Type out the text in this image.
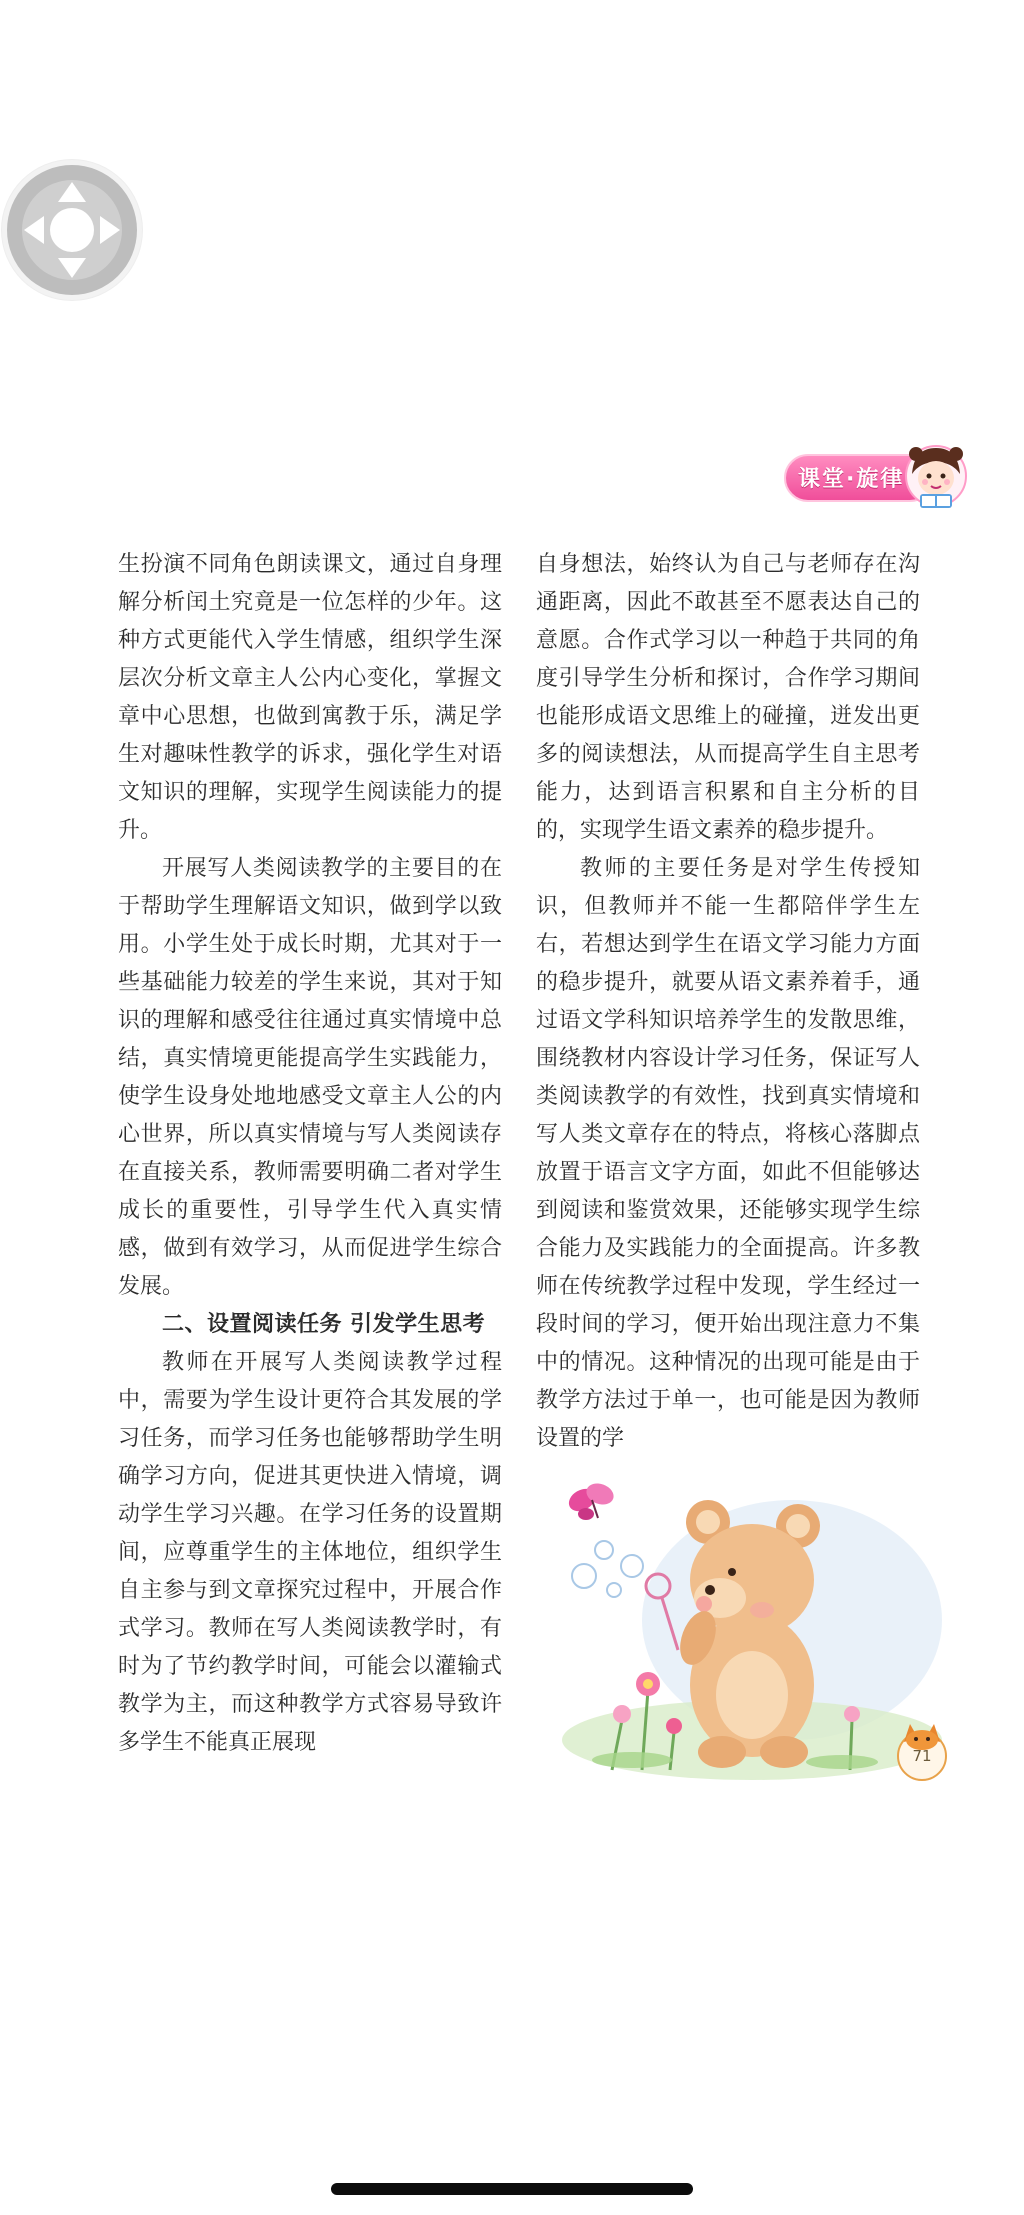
课堂·旋律

生扮演不同角色朗读课文，通过自身理解分析闰土究竟是一位怎样的少年。这种方式更能代入学生情感，组织学生深层次分析文章主人公内心变化，掌握文章中心思想，也做到寓教于乐，满足学生对趣味性教学的诉求，强化学生对语文知识的理解，实现学生阅读能力的提升。

开展写人类阅读教学的主要目的在于帮助学生理解语文知识，做到学以致用。小学生处于成长时期，尤其对于一些基础能力较差的学生来说，其对于知识的理解和感受往往通过真实情境中总结，真实情境更能提高学生实践能力，使学生设身处地地感受文章主人公的内心世界，所以真实情境与写人类阅读存在直接关系，教师需要明确二者对学生成长的重要性，引导学生代入真实情感，做到有效学习，从而促进学生综合发展。

二、设置阅读任务 引发学生思考

教师在开展写人类阅读教学过程中，需要为学生设计更符合其发展的学习任务，而学习任务也能够帮助学生明确学习方向，促进其更快进入情境，调动学生学习兴趣。在学习任务的设置期间，应尊重学生的主体地位，组织学生自主参与到文章探究过程中，开展合作式学习。教师在写人类阅读教学时，有时为了节约教学时间，可能会以灌输式教学为主，而这种教学方式容易导致许多学生不能真正展现

自身想法，始终认为自己与老师存在沟通距离，因此不敢甚至不愿表达自己的意愿。合作式学习以一种趋于共同的角度引导学生分析和探讨，合作学习期间也能形成语文思维上的碰撞，迸发出更多的阅读想法，从而提高学生自主思考能力，达到语言积累和自主分析的目的，实现学生语文素养的稳步提升。

教师的主要任务是对学生传授知识，但教师并不能一生都陪伴学生左右，若想达到学生在语文学习能力方面的稳步提升，就要从语文素养着手，通过语文学科知识培养学生的发散思维，围绕教材内容设计学习任务，保证写人类阅读教学的有效性，找到真实情境和写人类文章存在的特点，将核心落脚点放置于语言文字方面，如此不但能够达到阅读和鉴赏效果，还能够实现学生综合能力及实践能力的全面提高。许多教师在传统教学过程中发现，学生经过一段时间的学习，便开始出现注意力不集中的情况。这种情况的出现可能是由于教学方法过于单一，也可能是因为教师设置的学

71
